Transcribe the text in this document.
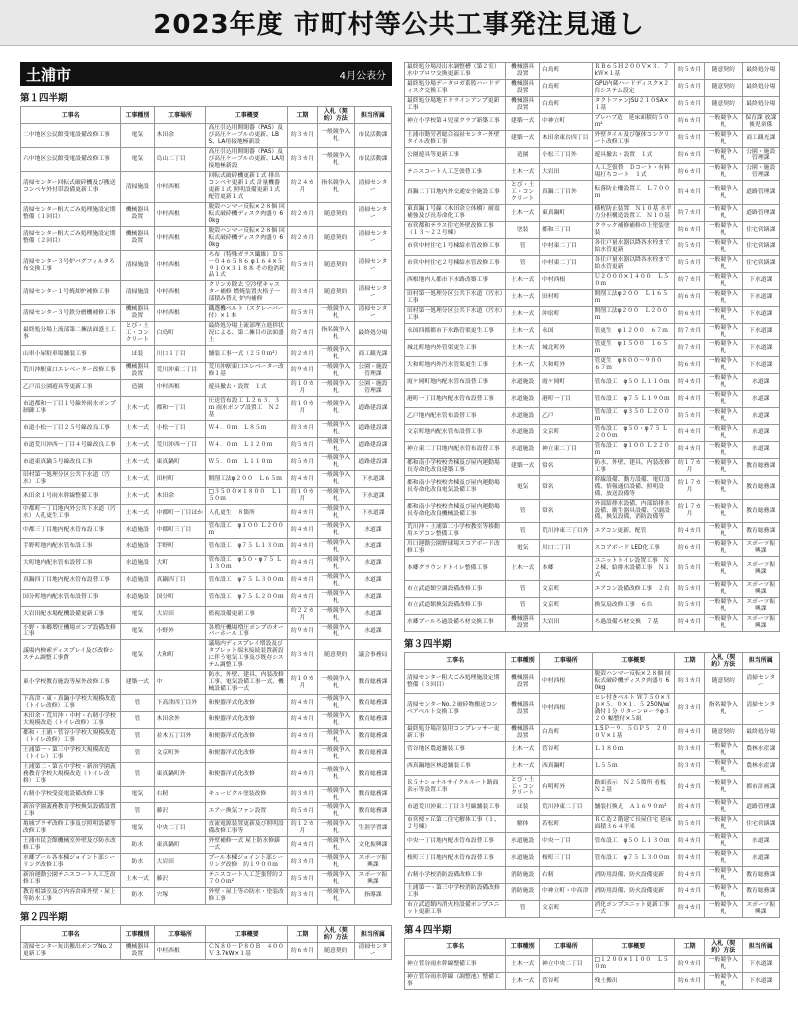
2023年度 市町村等公共工事発注見通し
土浦市	4月公表分
第１四半期
工事名	工事種別	工事場所	工事概要	工期	入札（契約）方法	担当所属
二中地区公民館受電設備改修工事	電気	木田余	高圧引込用開閉器（PAS）及び高圧ケーブルの更新、LBS、LA用接地極新設	約３カ月	一般競争入札	市民活動課
六中地区公民館受電設備改修工事	電気	烏山二丁目	高圧引込用開閉器（PAS）及び高圧ケーブルの更新、LA用接地極新設	約３カ月	一般競争入札	市民活動課
清掃センター回転式破砕機及び搬送コンベヤ外付帯設備更新工事	清掃施設	中村西根	回転式破砕機更新１式 排出コンベヤ更新１式 計量機器更新１式 照明設備更新１式 配管更新１式	約２４カ月	指名競争入札	清掃センター
清掃センター粗大ごみ処理施設定期整備（１回目）	機械器具設置	中村西根	脱殻ハンマー反転×２８個 回転式破砕機ディスク肉盛り 60kg	約２カ月	随意契約	清掃センター
清掃センター粗大ごみ処理施設定期整備（２回目）	機械器具設置	中村西根	脱殻ハンマー反転×２８個 回転式破砕機ディスク肉盛り 60kg	約２カ月	随意契約	清掃センター
清掃センター３号炉バグフィルタろ布交換工事	清掃施設	中村西根	ろ布（特殊ガラス繊維）ＤＳ－０４６５８６ φ１６４×５９１０×３１８本 その他消耗品１式	約５カ月	随意契約	清掃センター
清掃センター１号焼却炉補修工事	清掃施設	中村西根	クリンカ除去 空冷壁キャスター補修 燃焼装置火格子一部積み替え 炉内補修	約３カ月	随意契約	清掃センター
清掃センター３号鉄分磨機補修工事	機械器具設置	中村西根	鐵選機ベルト（スクレーパー付）×１本	約５カ月	一般競争入札	清掃センター
最終処分場上流部第二擁法面盛土工事	とび・土工・コンクリート	白鳥町	最終処分場上流部埋立進捗状況による、第二擁目の法面盛土	約７カ月	指名競争入札	最終処分場
山車小屋駐車場舗装工事	ほ装	川口１丁目	舗装工事一式（２５０ｍ²）	約２カ月	一般競争入札	商工観光課
荒川沖駅東口エレベーター改修工事	機械器具設置	荒川沖東二丁目	荒川沖駅東口エレベーター改修１基	約９カ月	一般競争入札	公園・施設管理課
乙戸沼公園遊具等更新工事	造園	中村西根	遊具撤去・設置　１式	約１０カ月	一般競争入札	公園・施設管理課
市道都和一丁目１号線外雨水ポンプ制御工事	土木一式	都和一丁目	圧送管布設工 Ｌ２６３．３ｍ 雨水ポンプ設置工　Ｎ２基	約１０カ月	一般競争入札	道路建設課
市道小松一丁目２５号線改良工事	土木一式	小松一丁目	Ｗ４．０ｍ　Ｌ８５ｍ	約３カ月	一般競争入札	道路建設課
市道荒川沖西一丁目４号線改良工事	土木一式	荒川沖西一丁目	Ｗ４．０ｍ　Ｌ１２０ｍ	約５カ月	一般競争入札	道路建設課
市道東真鍋５号線改良工事	土木一式	東真鍋町	Ｗ５．０ｍ　Ｌ１１０ｍ	約５カ月	一般競争入札	道路建設課
田村第一処理分区公共下水道（汚水）工事	土木一式	田村町	開削工法φ２００　Ｌ６５ｍ	約４カ月	一般競争入札	下水道課
木田余１号雨水幹線整備工事	土木一式	木田余	□３５００×１８００　Ｌ１５０ｍ	約１０カ月	一般競争入札	下水道課
中都町一丁目地内外公共下水道（汚水）人孔更生工事	土木一式	中都町一丁目ほか	人孔更生　８箇所	約４カ月	一般競争入札	下水道課
中都三丁目地内配水管布設工事	水道施設	中都町三丁目	管布設工　φ１００ Ｌ２００ｍ	約４カ月	一般競争入札	水道課
手野町地内配水管布設工事	水道施設	手野町	管布設工　φ７５ Ｌ１３０ｍ	約４カ月	一般競争入札	水道課
大町地内配水管布設替工事	水道施設	大町	管布設工　φ５０・φ７５ Ｌ１３０ｍ	約４カ月	一般競争入札	水道課
真鍋四丁目地内配水管布設替工事	水道施設	真鍋四丁目	管布設工　φ７５ Ｌ３００ｍ	約４カ月	一般競争入札	水道課
国分町地内配水管布設替工事	水道施設	国分町	管布設工　φ７５ Ｌ２００ｍ	約４カ月	一般競争入札	水道課
大岩田配水場配機設備更新工事	電気	大岩田	監視設備更新工事	約２２カ月	一般競争入札	水道課
小野・本郷増圧機場ポンプ設備改修工事	電気	小野外	各増圧機場増圧ポンプのオーバーホール工事	約９カ月	一般競争入札	水道課
議場内検索ディスプレイ及び改修システム調整工事費	電気	大和町	議場内ディスプレイ増設及びタブレット端末接続装置新設に伴う電気工事及び既存システム調整工事	約３カ月	随意契約	議会事務局
東小学校教育施設等屋外改修工事	建築一式	中	防水、外壁、建具、内装改修工事、電気設備工事一式、機械設備工事一式	約１０カ月	一般競争入札	教育総務課
下高津・東・真鍋小学校大規模改造（トイレ改修）工事	管	下高津四丁目外	和便器洋式化改修	約４カ月	一般競争入札	教育総務課
木田余・荒川沖・中村・右籾小学校大規模改造（トイレ改修）工事	管	木田余外	和便器洋式化改修	約４カ月	一般競争入札	教育総務課
都和・土浦・菅谷小学校大規模改造（トイレ改修）工事	管	並木五丁目外	和便器洋式化改修	約４カ月	一般競争入札	教育総務課
土浦第一・第三中学校大規模改造（トイレ）工事	管	文京町外	和便器洋式化改修	約４カ月	一般競争入札	教育総務課
土浦第二・第五中学校・新治学園義務教育学校大規模改造（トイレ改修）工事	管	東真鍋町外	和便器洋式化改修	約４カ月	一般競争入札	教育総務課
右籾小学校受変電設備改修工事	電気	右籾	キュービクル塗装改修	約３カ月	一般競争入札	教育総務課
新治学園義務教育学校換気設備設置工事	管	藤沢	エアー換気ファン設置	約５カ月	一般競争入札	教育総務課
亀城プラザ改修工事及び照明設備等改修工事	電気	中央二丁目	直流電源装置更新及び照明設備改修工事等	約１２カ月	一般競争入札	生涯学習課
土浦市民会館機械室外壁及び防水改修工事	防水	東真鍋町	外壁補修一式 屋上防水修繕一式	約４カ月	一般競争入札	文化振興課
水郷プール各本棟ジョイント部シーリング改修工事	防水	大岩田	プール本棟ジョイント部シーリング改修　約１９００ｍ	約３カ月	一般競争入札	スポーツ振興課
新治運動公園テニスコート人工芝改修工事	土木一式	藤沢	テニスコート人工芝張替約２７００ｍ²	約５カ月	一般競争入札	スポーツ振興課
教育相談室及び内容倉庫外壁・屋上等防水工事	防水	宍塚	外壁・屋上等の防水・塗装改修工事	約３カ月	一般競争入札	指導課
第２四半期
工事名	工事種別	工事場所	工事概要	工期	入札（契約）方法	担当所属
清掃センター灰出搬出ポンプNo.２更新工事	機械器具設置	中村西根	ＣＮ８０－Ｐ８０Ｂ　４００Ｖ 3.7kW×１基	約６カ月	随意契約	清掃センター
最終処分場浸出水調整槽（第２室）水中ブロワ交換更新工事	機械器具設置	白鳥町	ＲＢ６５Ｈ２００Ｖ×３．７kＷ×１基	約５カ月	随意契約	最終処分場
最終処分場データロガ系監ハードディスク交換工事	機械器具設置	白鳥町	GPU内蔵ハードディスク×２台システム設定	約５カ月	随意契約	最終処分場
最終処分場地下ドラインアンプ更新工事	機械器具設置	白鳥町	タクトファンJSU２１０SA×１基	約５カ月	随意契約	最終処分場
神立小学校第４児童クラブ新築工事	建築一式	中神立町	プレハブ造　延床面積約５０ｍ²	約６カ月	一般競争入札	保育課 放課後児童係
土浦市勤労者総合福祉センター外壁タイル改修工事	建築一式	木田余東台四丁目	外壁タイル及び躯体コンクリート改修工事	約５カ月	一般競争入札	商工観光課
公園遊具等更新工事	造園	小松三丁目外	遊具撤去・設置　１式	約６カ月	一般競争入札	公園・施設管理課
テニスコート人工芝張替工事	土木一式	大岩田	人工芝張替　Ｄコート・有料場打ちコート　１式	約６カ月	一般競争入札	公園・施設管理課
真鍋二丁目地内外交通安全施設工事	とび・土工・コンクリート	真鍋二丁目外	転落防止柵設置工　Ｌ７００ｍ	約４カ月	一般競争入札	道路管理課
東真鍋１号線（木田余立体橋）耐震補強及び長寿命化工事	土木一式	東真鍋町	横桁防止装置　Ｎ１０基 水平力分担構造設置工　Ｎ１０基	約７カ月	一般競争入札	道路管理課
市営都和テラス住宅外壁改修工事（１３～２２号棟）	塗装	都和三丁目	クラック補修補修の上塗装塗装	約６カ月	一般競争入札	住宅営繕課
市営中村住宅１号棟給水管改修工事	管	中村東二丁目	各住戸量水器以降各水栓まで給水管更新	約５カ月	一般競争入札	住宅営繕課
市営中村住宅２号棟給水管改修工事	管	中村東二丁目	各住戸量水器以降各水栓まで給水管更新	約５カ月	一般競争入札	住宅営繕課
西根地内人都市下水路改築工事	土木一式	中村西根	Ｕ２０００×１４００　Ｌ５０ｍ	約７カ月	一般競争入札	下水道課
田村第一処理分区公共下水道（汚水）工事	土木一式	田村町	開削工法φ２００　Ｌ１６５ｍ	約６カ月	一般競争入札	下水道課
田村第一処理分区公共下水道（汚水）工事	土木一式	沖宿町	開削工法φ２００　Ｌ２００ｍ	約６カ月	一般競争入札	下水道課
永国四都都市下水路管渠更生工事	土木一式	永国	管更生　φ１２００　６７ｍ	約７カ月	一般競争入札	下水道課
城北町地内外管渠更生工事	土木一式	城北町外	管更生　φ１５００　１６５ｍ	約７カ月	一般競争入札	下水道課
大和町地内外汚水管渠更生工事	土木一式	大和町外	管更生　φ８００～９００　６７ｍ	約６カ月	一般競争入札	下水道課
霞ケ岡町地内配水管布設替工事	水道施設	霞ケ岡町	管布設工　φ５０ Ｌ１１０ｍ	約４カ月	一般競争入札	水道課
港町一丁目地内配水管布設替工事	水道施設	港町一丁目	管布設工　φ７５ Ｌ１９０ｍ	約４カ月	一般競争入札	水道課
乙戸地内配水管布設替工事	水道施設	乙戸	管布設工　φ３５０ Ｌ２００ｍ	約５カ月	一般競争入札	水道課
文京町地内配水管布設替工事	水道施設	文京町	管布設工　φ５０・φ７５ Ｌ２００ｍ	約４カ月	一般競争入札	水道課
神立東二丁目地内配水管布設替工事	水道施設	神立東二丁目	管布設工　φ１００ Ｌ２２０ｍ	約４カ月	一般競争入札	水道課
都和南小学校校舎棟及び屋内運動場長寿命化改良建築工事	建築一式	常名	防水、外壁、建具、内装改修工事	約１７カ月	一般競争入札	教育総務課
都和南小学校校舎棟及び屋内運動場長寿命化改良電気設備工事	電気	常名	幹線設備、動力設備、電灯設備、情報通信設備、照明設備、放送設備等	約１７カ月	一般競争入札	教育総務課
都和南小学校校舎棟及び屋内運動場長寿命化改良機械設備工事	管	常名	外部給排水設備、内部給排水設備、衛生器具設備、空調設備、換気設備、消防設備等	約１７カ月	一般競争入札	教育総務課
荒川沖・土浦第二小学校教室等移動用エアコン整備工事	管	荒川沖東三丁目外	エアコン更新、配管	約４カ月	一般競争入札	教育総務課
川口運動公園野球場スコアボード改修工事	電気	川口二丁目	スコアボード LED化工事	約６カ月	一般競争入札	スポーツ振興課
本郷グラウンドトイレ整備工事	土木一式	本郷	ユニットトイレ設置工事　Ｎ２棟、給排水設備工事　Ｎ１式	約５カ月	一般競争入札	スポーツ振興課
市立武道館空調設備改修工事	管	文京町	エアコン設備改修工事　２台	約５カ月	一般競争入札	スポーツ振興課
市立武道館換気設備改修工事	管	文京町	換気扇改修工事　６台	約５カ月	一般競争入札	スポーツ振興課
水郷プールろ過設備ろ材交換工事	機械器具設置	大岩田	ろ過設備ろ材交換　７基	約４カ月	一般競争入札	スポーツ振興課
第３四半期
工事名	工事種別	工事場所	工事概要	工期	入札（契約）方法	担当所属
清掃センター粗大ごみ処理施設定期整備（３回目）	機械器具設置	中村西根	脱殻ハンマー反転×２８個 回転式破砕機ディスク肉盛り 60kg	約３カ月	随意契約	清掃センター
清掃センターNo.２破砕物搬送コンベアベルト交換工事	機械器具設置	中村西根	ヒレ付きベルト Ｗ７５０×３ｐ×５．０×１．５ 250N/㎟ 溝付１分 リターンローラφ３２０ 幅整付×５組	約３カ月	指名競争入札	清掃センター
最終処分場計装用コンプレッサー更新工事	機械器具設置	白鳥町	1.5Ｐ－９．５ＧＰ５　２００Ｖ×１基	約４カ月	随意契約	最終処分場
菅谷地区農道舗装工事	土木一式	菅谷町	Ｌ１８０ｍ	約３カ月	一般競争入札	農林水産課
西真鍋地区林道舗装工事	土木一式	西真鍋町	Ｌ５５ｍ	約３カ月	一般競争入札	農林水産課
Ｒ５ナショナルサイクルルート路面表示等設置工事	とび・土工・コンクリート	有明町外	路面表示　Ｎ２５箇所 看板　Ｎ２基	約４カ月	一般競争入札	都市計画課
市道荒川沖東二丁目３号線舗装工事	ほ装	荒川沖東二丁目	舗装打換え　Ａ１６９０ｍ²	約４カ月	一般競争入札	道路管理課
市営桜ヶ丘第二住宅解体工事（１、２号棟）	解体	若松町	ＲＣ造２階建て長屋住宅 延床面積３６４平米	約５カ月	一般競争入札	住宅営繕課
中央一丁目地内配水管布設替工事	水道施設	中央一丁目	管布設工　φ５０ Ｌ１３０ｍ	約４カ月	一般競争入札	水道課
桜町三丁目地内配水管布設替工事	水道施設	桜町三丁目	管布設工　φ７５ Ｌ３００ｍ	約４カ月	一般競争入札	水道課
右籾小学校消防設備改修工事	消防施設	右籾	消防用設備、防火設備更新	約４カ月	一般競争入札	教育総務課
土浦第一・第三中学校消防設備改修工事	消防施設	中神立町・中高津	消防用設備、防火設備更新	約４カ月	一般競争入札	教育総務課
市立武道館内消火栓設備ポンプユニット更新工事	管	文京町	消化ポンプユニット更新工事一式	約４カ月	一般競争入札	スポーツ振興課
第４四半期
工事名	工事種別	工事場所	工事概要	工期	入札（契約）方法	担当所属
神立菅谷雨水幹線整備工事	土木一式	神立中央二丁目	□１２００×１１００　Ｌ５０ｍ	約９カ月	一般競争入札	下水道課
神立菅谷雨水幹線（調整池）整備工事	土木一式	菅谷町	残土搬出	約６カ月	一般競争入札	下水道課
